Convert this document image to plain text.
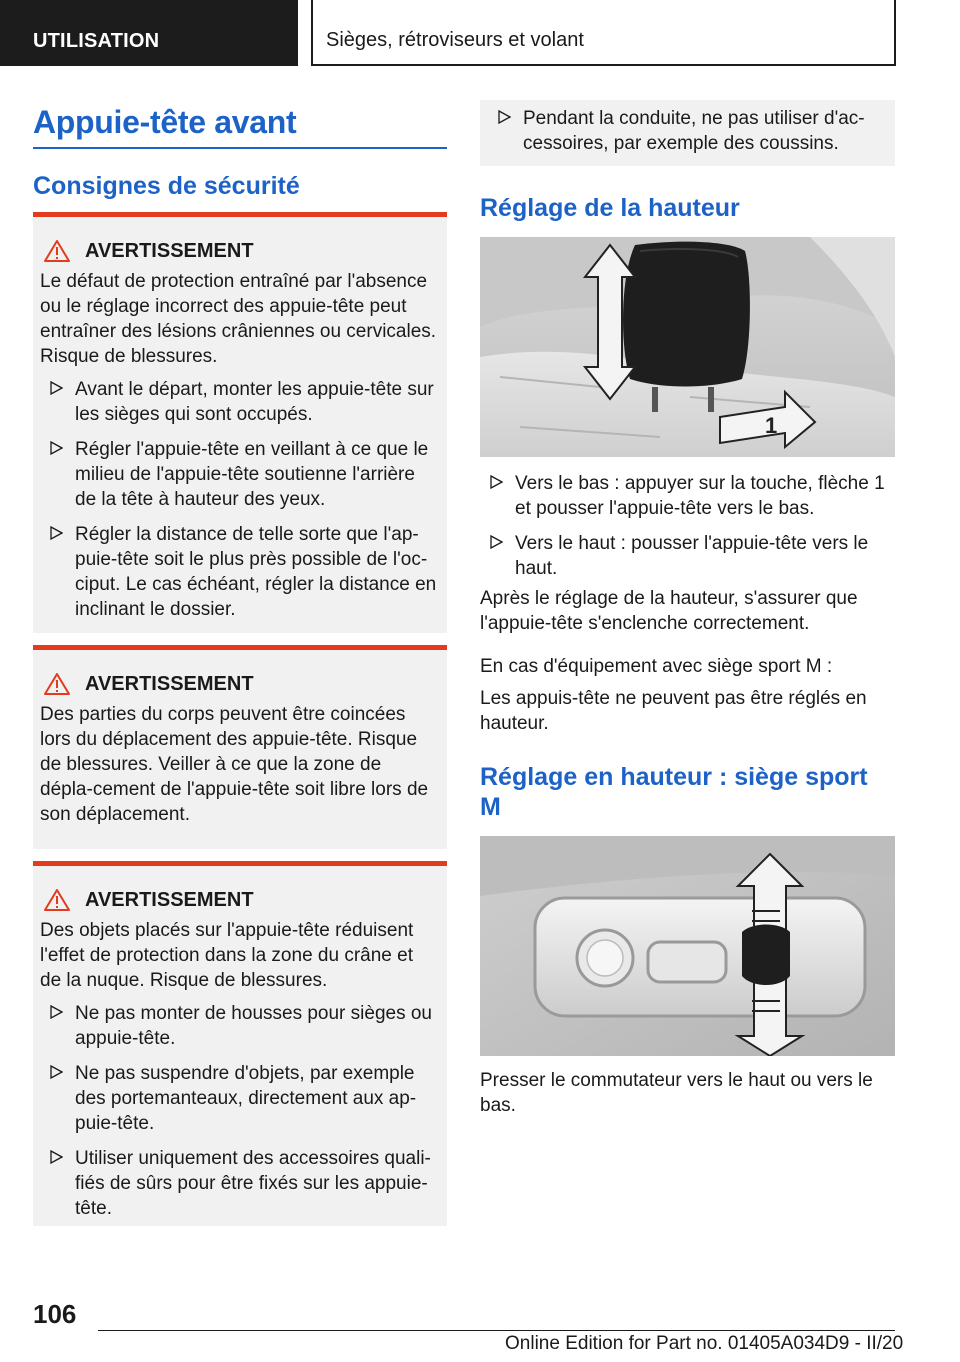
UTILISATION	Sièges, rétroviseurs et volant
Appuie-tête avant
Consignes de sécurité
AVERTISSEMENT

Le défaut de protection entraîné par l'absence ou le réglage incorrect des appuie-tête peut entraîner des lésions crâniennes ou cervicales. Risque de blessures.

Avant le départ, monter les appuie-tête sur les sièges qui sont occupés.
Régler l'appuie-tête en veillant à ce que le milieu de l'appuie-tête soutienne l'arrière de la tête à hauteur des yeux.
Régler la distance de telle sorte que l'ap-puie-tête soit le plus près possible de l'oc-ciput. Le cas échéant, régler la distance en inclinant le dossier.
AVERTISSEMENT

Des parties du corps peuvent être coincées lors du déplacement des appuie-tête. Risque de blessures. Veiller à ce que la zone de dépla-cement de l'appuie-tête soit libre lors de son déplacement.

AVERTISSEMENT

Des objets placés sur l'appuie-tête réduisent l'effet de protection dans la zone du crâne et de la nuque. Risque de blessures.

Ne pas monter de housses pour sièges ou appuie-tête.
Ne pas suspendre d'objets, par exemple des portemanteaux, directement aux ap-puie-tête.
Utiliser uniquement des accessoires quali-fiés de sûrs pour être fixés sur les appuie-tête.
Pendant la conduite, ne pas utiliser d'ac-cessoires, par exemple des coussins.
Réglage de la hauteur
1
Vers le bas : appuyer sur la touche, flèche 1 et pousser l'appuie-tête vers le bas.
Vers le haut : pousser l'appuie-tête vers le haut.

Après le réglage de la hauteur, s'assurer que l'appuie-tête s'enclenche correctement.

En cas d'équipement avec siège sport M :

Les appuis-tête ne peuvent pas être réglés en hauteur.

Réglage en hauteur : siège sport M

Presser le commutateur vers le haut ou vers le bas.

106
Online Edition for Part no. 01405A034D9 - II/20
